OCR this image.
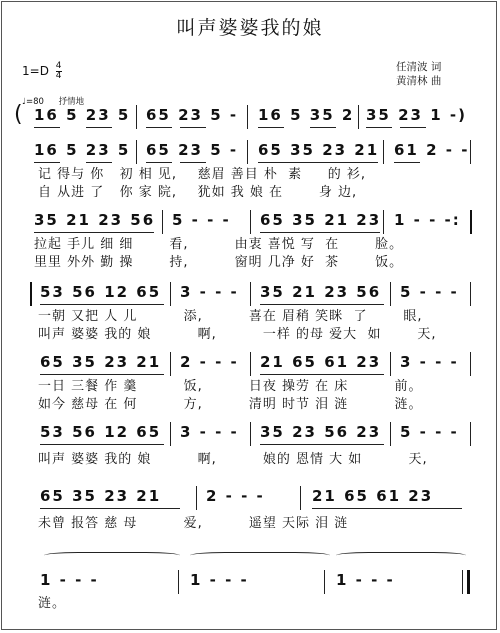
叫声婆婆我的娘
$1=D \frac{4}{4}$	任清波 词
黄清林 曲
♩=80 抒情地
( 16 5 23 5 65 23 5 - 16 5 35 2 35 23 1 -)
16 5 23 5 65 23 5 - 65 35 23 21 61 2 - -
记 得与 你   初 相 见,    慈眉 善目 朴  素     的 衫,
自 从进 了   你 家 院,    犹如 我 娘 在       身 边,
35 21 23 56 5 - - - 65 35 21 23 1 - - -:
拉起 手儿 细 细       看,         由衷 喜悦 写  在       脸。
里里 外外 勤 操       持,         窗明 几净 好  茶       饭。
53 56 12 65 3 - - - 35 21 23 56 5 - - -
一朝 又把 人 儿         添,         喜在 眉稍 笑眯  了       眼,
叫声 婆婆 我的 娘         啊,         一样 的母 爱大  如       天,
65 35 23 21 2 - - - 21 65 61 23 3 - - -
一日 三餐 作 羹         饭,         日夜 操劳 在 床         前。
如今 慈母 在 何         方,         清明 时节 泪 涟         涟。
53 56 12 65 3 - - - 35 23 56 23 5 - - -
叫声 婆婆 我的 娘         啊,         娘的 恩情 大 如         天,
65 35 23 21	2 - - -	21 65 61 23
未曾 报答 慈 母         爱,         遥望 天际 泪 涟
1 - - -	1 - - -	1 - - -
涟。
